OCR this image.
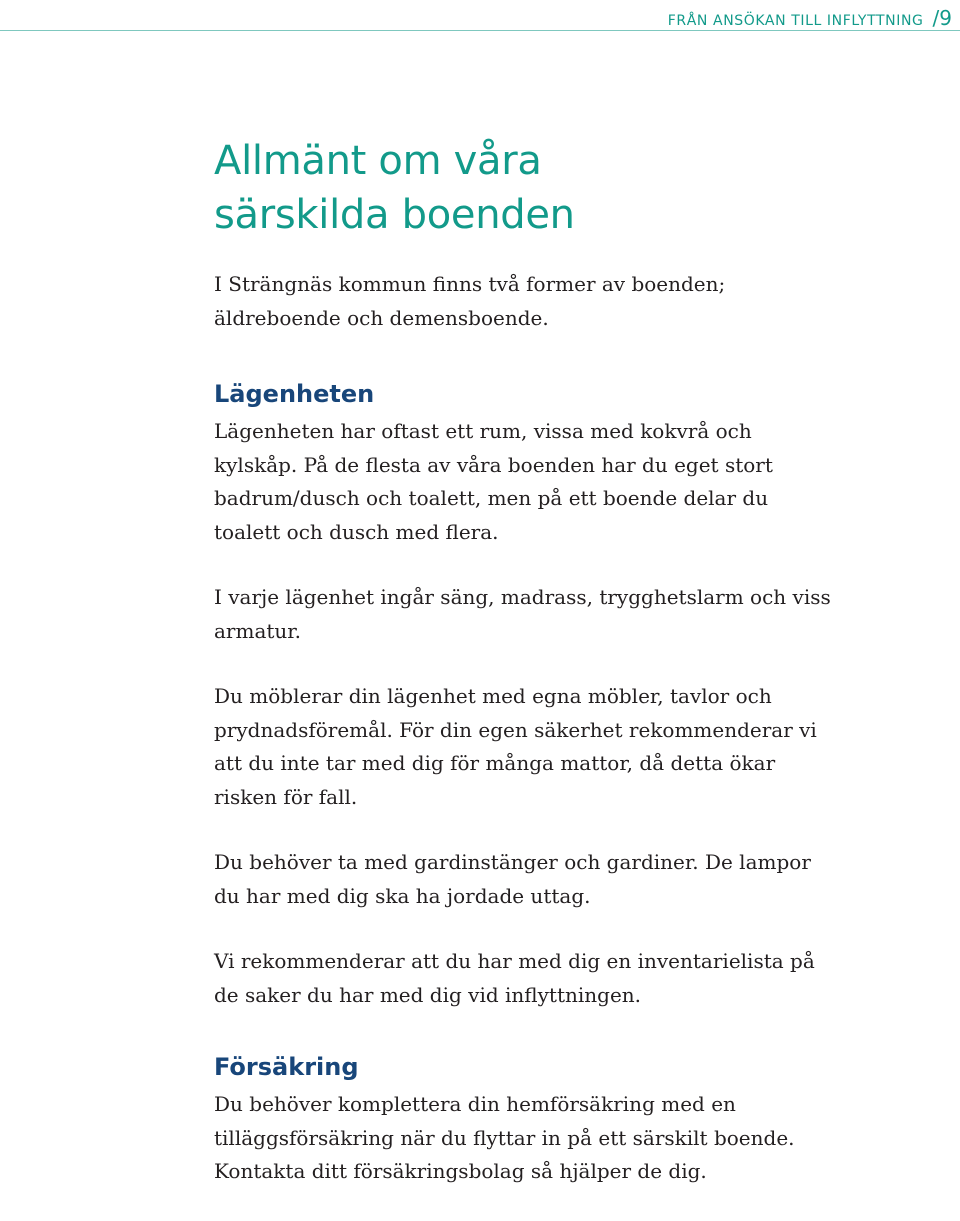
FRÅN ANSÖKAN TILL INFLYTTNING /9
Allmänt om våra
särskilda boenden

I Strängnäs kommun finns två former av boenden; äldreboende och demensboende.

Lägenheten

Lägenheten har oftast ett rum, vissa med kokvrå och kylskåp. På de flesta av våra boenden har du eget stort badrum/dusch och toalett, men på ett boende delar du toalett och dusch med flera.

I varje lägenhet ingår säng, madrass, trygghetslarm och viss armatur.

Du möblerar din lägenhet med egna möbler, tavlor och prydnadsföremål. För din egen säkerhet rekommenderar vi att du inte tar med dig för många mattor, då detta ökar risken för fall.

Du behöver ta med gardinstänger och gardiner. De lampor du har med dig ska ha jordade uttag.

Vi rekommenderar att du har med dig en inventarielista på de saker du har med dig vid inflyttningen.

Försäkring

Du behöver komplettera din hemförsäkring med en tilläggsförsäkring när du flyttar in på ett särskilt boende. Kontakta ditt försäkringsbolag så hjälper de dig.
